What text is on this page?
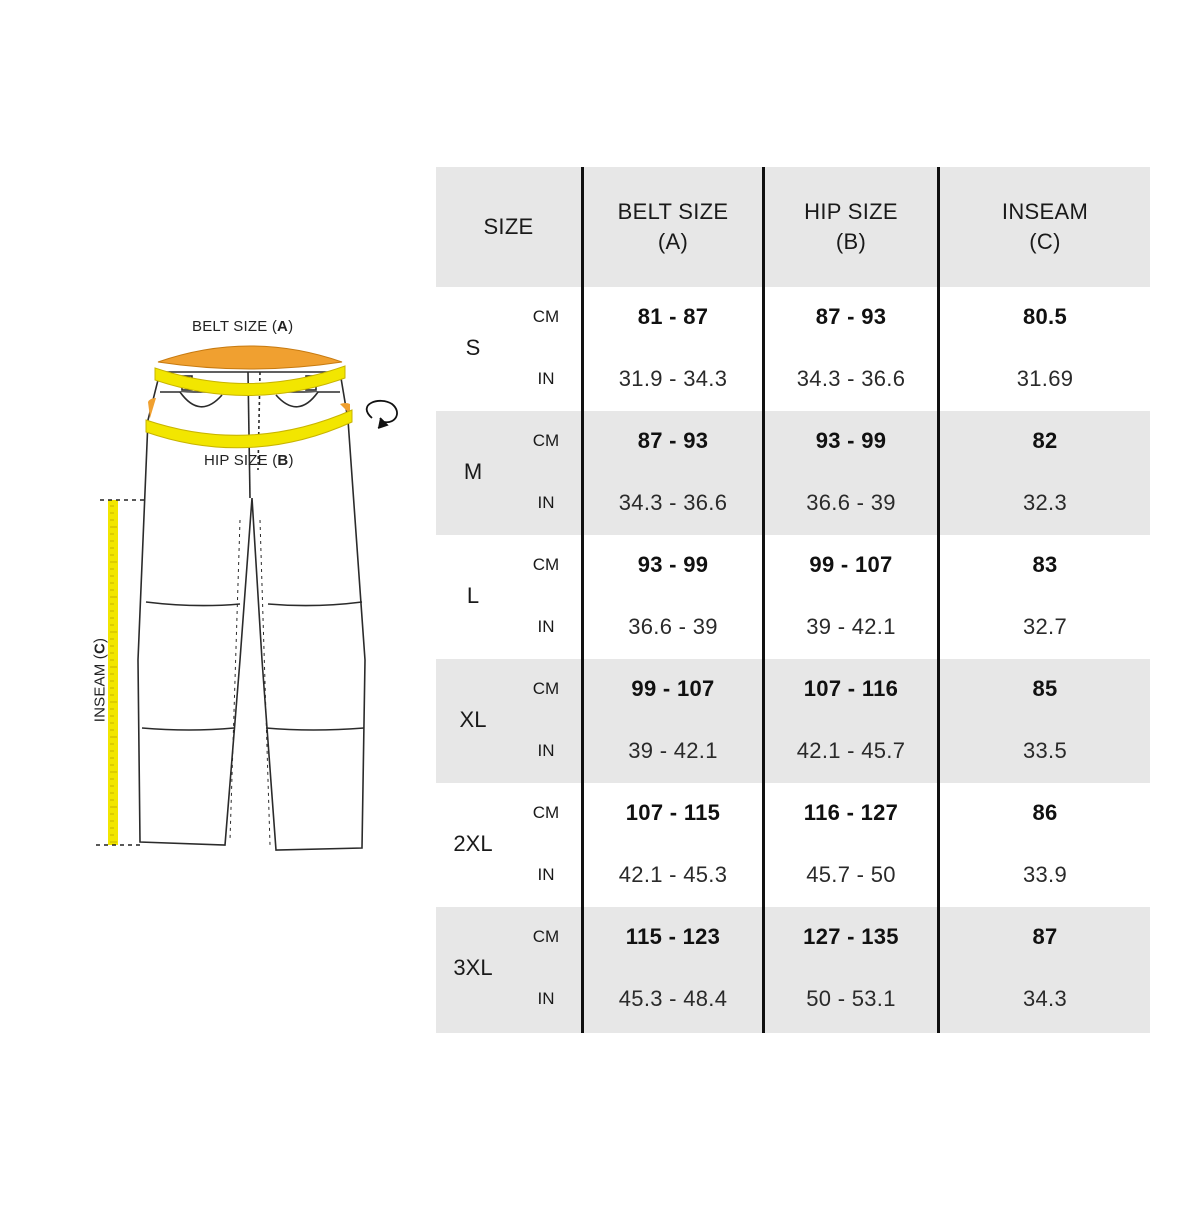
BELT SIZE (A)
HIP SIZE (B)
INSEAM (C)
SIZE
BELT SIZE
(A)
HIP SIZE
(B)
INSEAM
(C)
S
CM
IN
81 - 87
31.9 - 34.3
87 - 93
34.3 - 36.6
80.5
31.69
M
CM
IN
87 - 93
34.3 - 36.6
93 - 99
36.6 - 39
82
32.3
L
CM
IN
93 - 99
36.6 - 39
99 - 107
39 - 42.1
83
32.7
XL
CM
IN
99 - 107
39 - 42.1
107 - 116
42.1 - 45.7
85
33.5
2XL
CM
IN
107 - 115
42.1 - 45.3
116 - 127
45.7 - 50
86
33.9
3XL
CM
IN
115 - 123
45.3 - 48.4
127 - 135
50 - 53.1
87
34.3
